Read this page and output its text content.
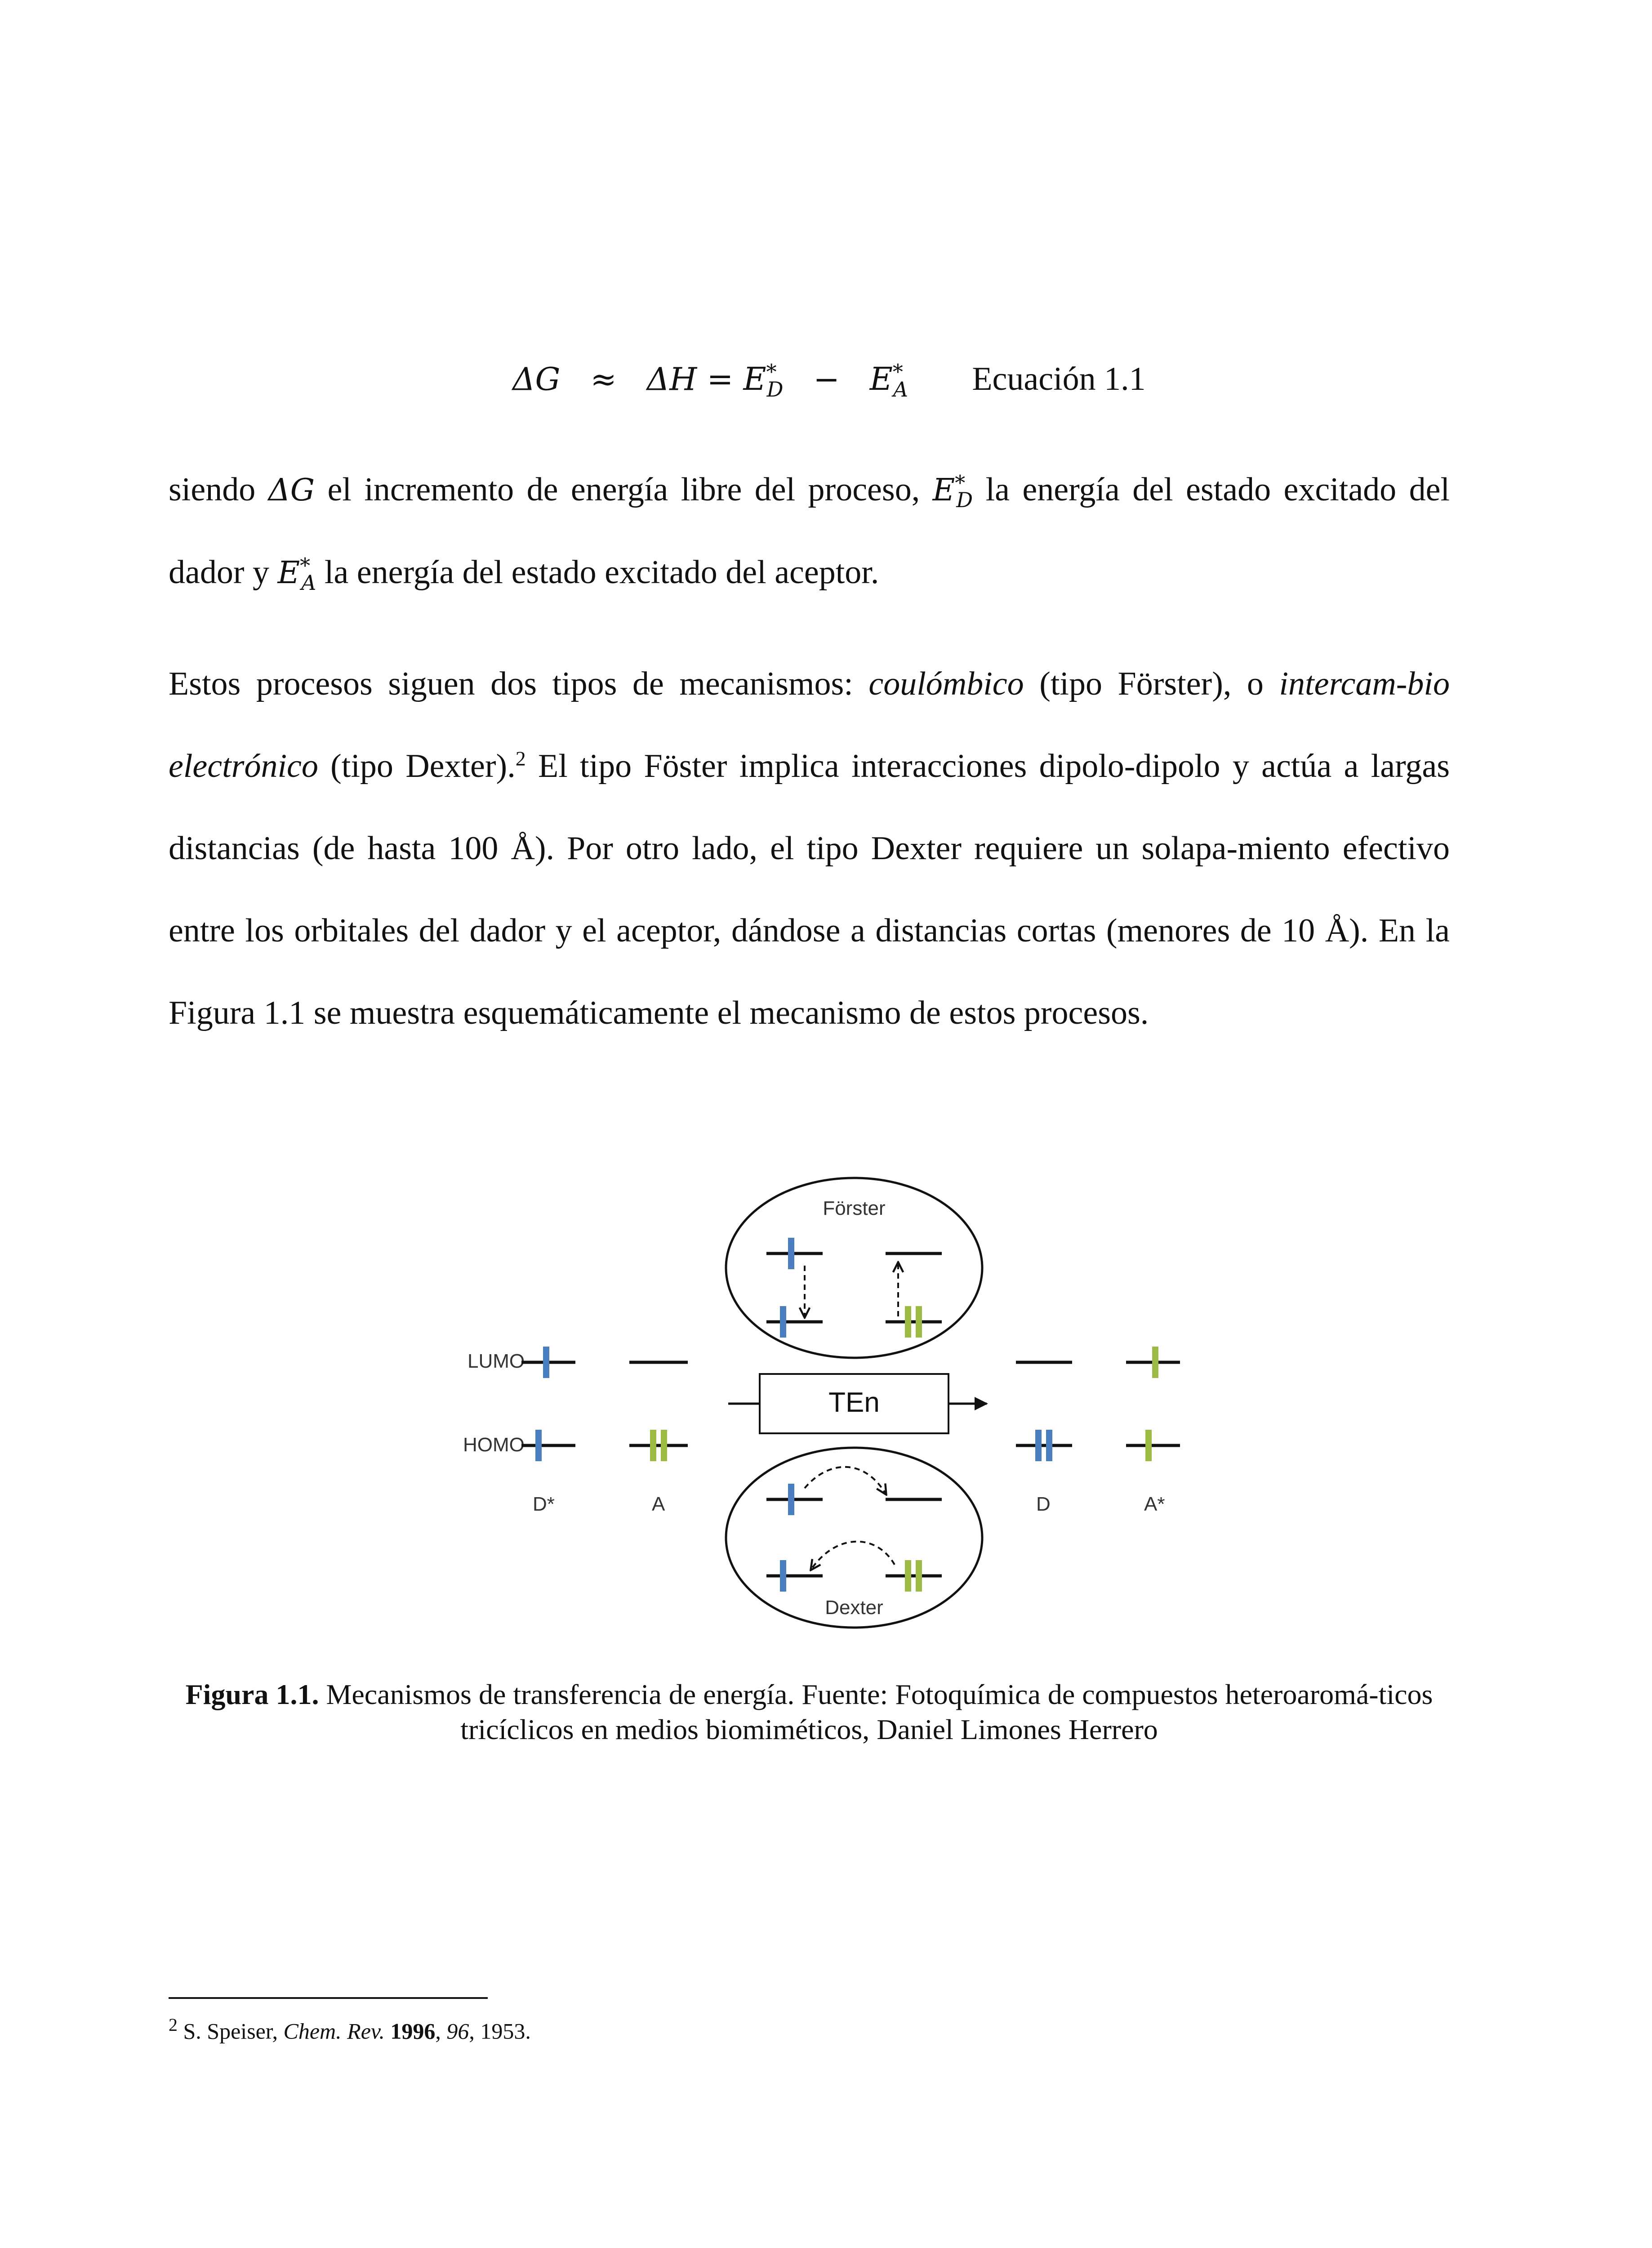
$\Delta G \approx \Delta H = E^*_D - E^*_A$ Ecuación 1.1
siendo ΔG el incremento de energía libre del proceso, $E^*_D$ la energía del estado excitado del dador y $E^*_A$ la energía del estado excitado del aceptor.
Estos procesos siguen dos tipos de mecanismos: coulómbico (tipo Förster), o intercam-bio electrónico (tipo Dexter).$^2$ El tipo Föster implica interacciones dipolo-dipolo y actúa a largas distancias (de hasta 100 Å). Por otro lado, el tipo Dexter requiere un solapa-miento efectivo entre los orbitales del dador y el aceptor, dándose a distancias cortas (menores de 10 Å). En la Figura 1.1 se muestra esquemáticamente el mecanismo de estos procesos.
LUMO
HOMO
D*	A
TEn
Förster
Dexter
D	A*
Figura 1.1. Mecanismos de transferencia de energía. Fuente: Fotoquímica de compuestos heteroaromá-ticos tricíclicos en medios biomiméticos, Daniel Limones Herrero
$^2$ S. Speiser, Chem. Rev. 1996, 96, 1953.
